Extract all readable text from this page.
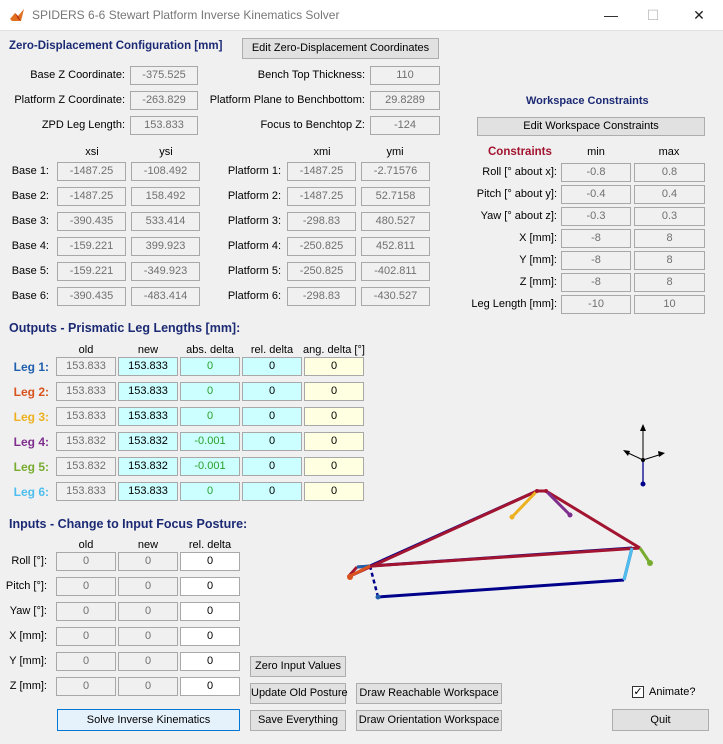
SPIDERS 6-6 Stewart Platform Inverse Kinematics Solver	—	☐	✕
Zero-Displacement Configuration [mm]	Edit Zero-Displacement Coordinates
Base Z Coordinate:	-375.525
Platform Z Coordinate:	-263.829
ZPD Leg Length:	153.833
Bench Top Thickness:	110
Platform Plane to Benchbottom:	29.8289
Focus to Benchtop Z:	-124
xsi	ysi	xmi	ymi
Base 1:	-1487.25	-108.492
Base 2:	-1487.25	158.492
Base 3:	-390.435	533.414
Base 4:	-159.221	399.923
Base 5:	-159.221	-349.923
Base 6:	-390.435	-483.414
Platform 1:	-1487.25	-2.71576
Platform 2:	-1487.25	52.7158
Platform 3:	-298.83	480.527
Platform 4:	-250.825	452.811
Platform 5:	-250.825	-402.811
Platform 6:	-298.83	-430.527
Workspace Constraints
Edit Workspace Constraints
Constraints	min	max
Roll [° about x]:	-0.8	0.8
Pitch [° about y]:	-0.4	0.4
Yaw [° about z]:	-0.3	0.3
X [mm]:	-8	8
Y [mm]:	-8	8
Z [mm]:	-8	8
Leg Length [mm]:	-10	10
Outputs - Prismatic Leg Lengths [mm]:
old	new	abs. delta	rel. delta ang. delta [°]
Leg 1:	153.833	153.833	0	0	0
Leg 2:	153.833	153.833	0	0	0
Leg 3:	153.833	153.833	0	0	0
Leg 4:	153.832	153.832	-0.001	0	0
Leg 5:	153.832	153.832	-0.001	0	0
Leg 6:	153.833	153.833	0	0	0
Inputs - Change to Input Focus Posture:
old	new	rel. delta
Roll [°]:	0	0	0
Pitch [°]:	0	0	0
Yaw [°]:	0	0	0
X [mm]:	0	0	0
Y [mm]:	0	0	0
Z [mm]:	0	0	0
Zero Input Values
Update Old Posture
Save Everything
Solve Inverse Kinematics
Draw Reachable Workspace
Draw Orientation Workspace	Quit
✓ Animate?
